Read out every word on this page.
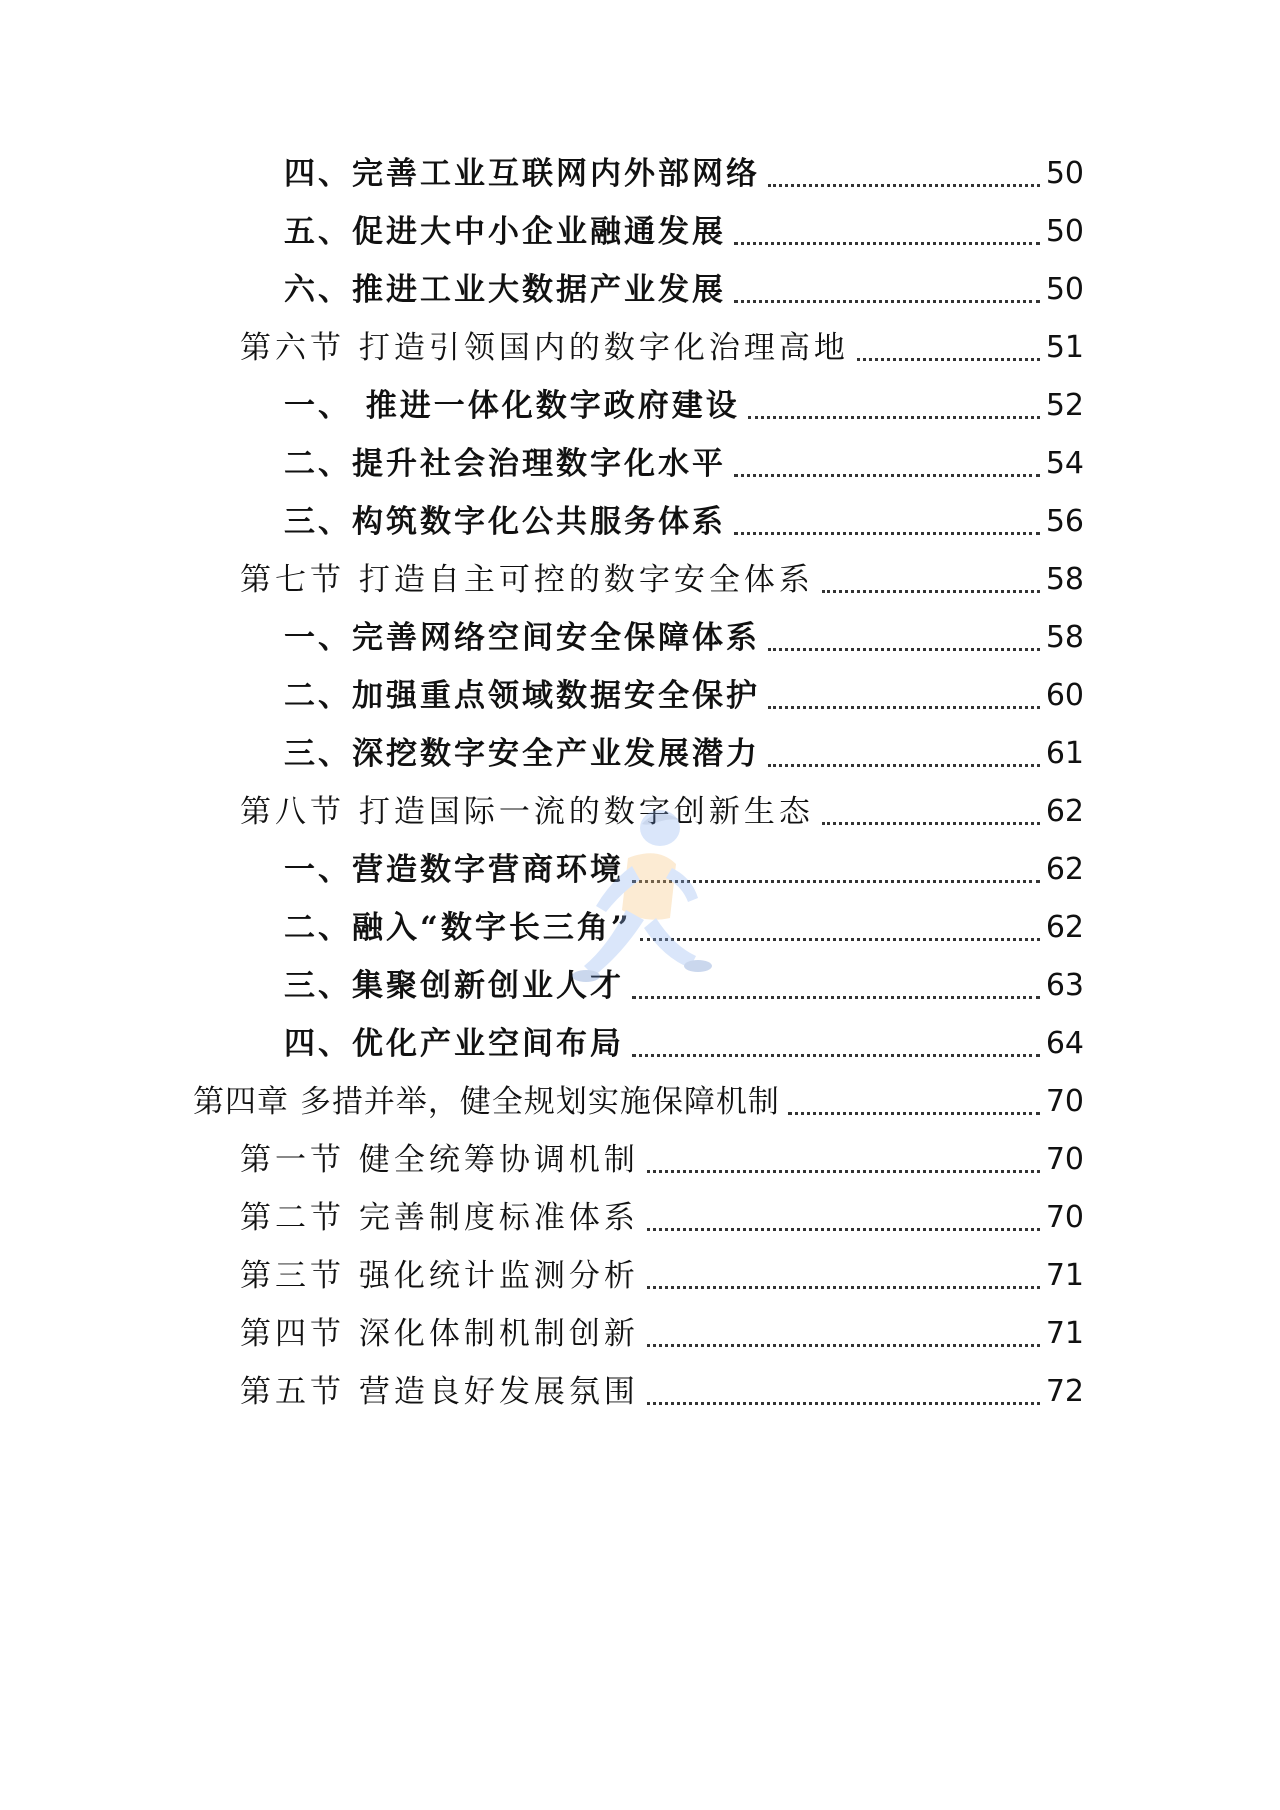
四、完善工业互联网内外部网络	50
五、促进大中小企业融通发展	50
六、推进工业大数据产业发展	50
第六节 打造引领国内的数字化治理高地	51
一、 推进一体化数字政府建设	52
二、提升社会治理数字化水平	54
三、构筑数字化公共服务体系	56
第七节 打造自主可控的数字安全体系	58
一、完善网络空间安全保障体系	58
二、加强重点领域数据安全保护	60
三、深挖数字安全产业发展潜力	61
第八节 打造国际一流的数字创新生态	62
一、营造数字营商环境	62
二、融入“数字长三角”	62
三、集聚创新创业人才	63
四、优化产业空间布局	64
第四章 多措并举，健全规划实施保障机制	70
第一节 健全统筹协调机制	70
第二节 完善制度标准体系	70
第三节 强化统计监测分析	71
第四节 深化体制机制创新	71
第五节 营造良好发展氛围	72
